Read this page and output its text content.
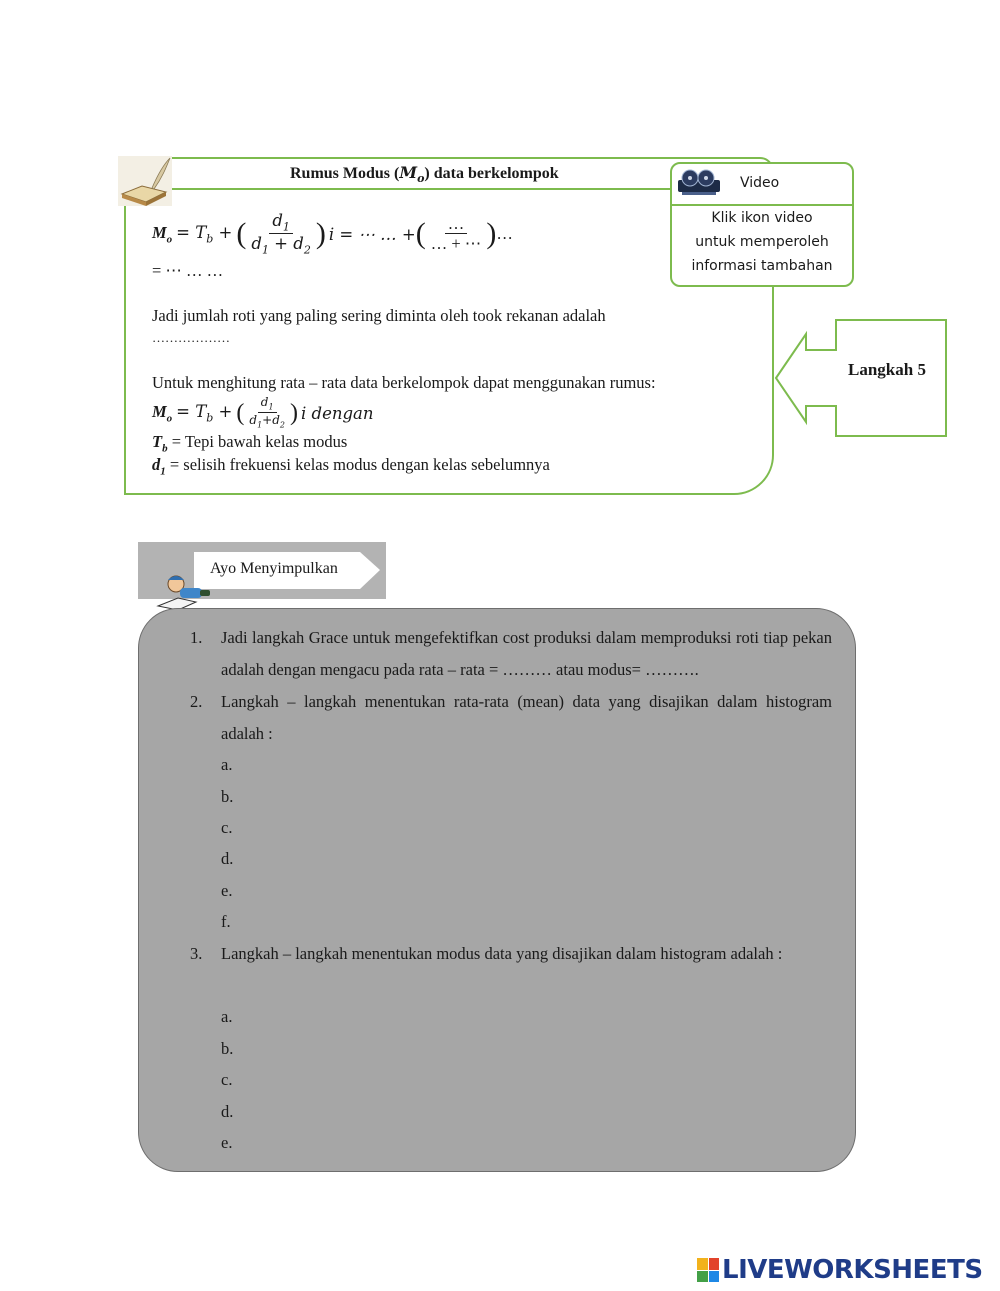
Rumus Modus $(M_o)$ data berkelompok
$M_o = T_b$ + ( $\frac{d_1}{d_1 + d_2}$ ) i = ⋯ … + ( $\frac{\dots}{\dots + \cdots}$ ) …
= ⋯ … …
Jadi jumlah roti yang paling sering diminta oleh took rekanan adalah
………………
Untuk menghitung rata – rata data berkelompok dapat menggunakan rumus:
$M_o = T_b$ + ( $\frac{d_1}{d_1+d_2}$ ) i dengan
$T_b$ = Tepi bawah kelas modus
$d_1$ = selisih frekuensi kelas modus dengan kelas sebelumnya
Video
Klik ikon video
untuk memperoleh
informasi tambahan
Langkah 5
Ayo Menyimpulkan
1.	Jadi langkah Grace untuk mengefektifkan cost produksi dalam memproduksi roti tiap pekan adalah dengan mengacu pada rata – rata = ……… atau modus= ……….
2.	Langkah – langkah menentukan rata-rata (mean) data yang disajikan dalam histogram adalah :
a.
b.
c.
d.
e.
f.
3.	Langkah – langkah menentukan modus data yang disajikan dalam histogram adalah :
a.
b.
c.
d.
e.
LIVEWORKSHEETS
